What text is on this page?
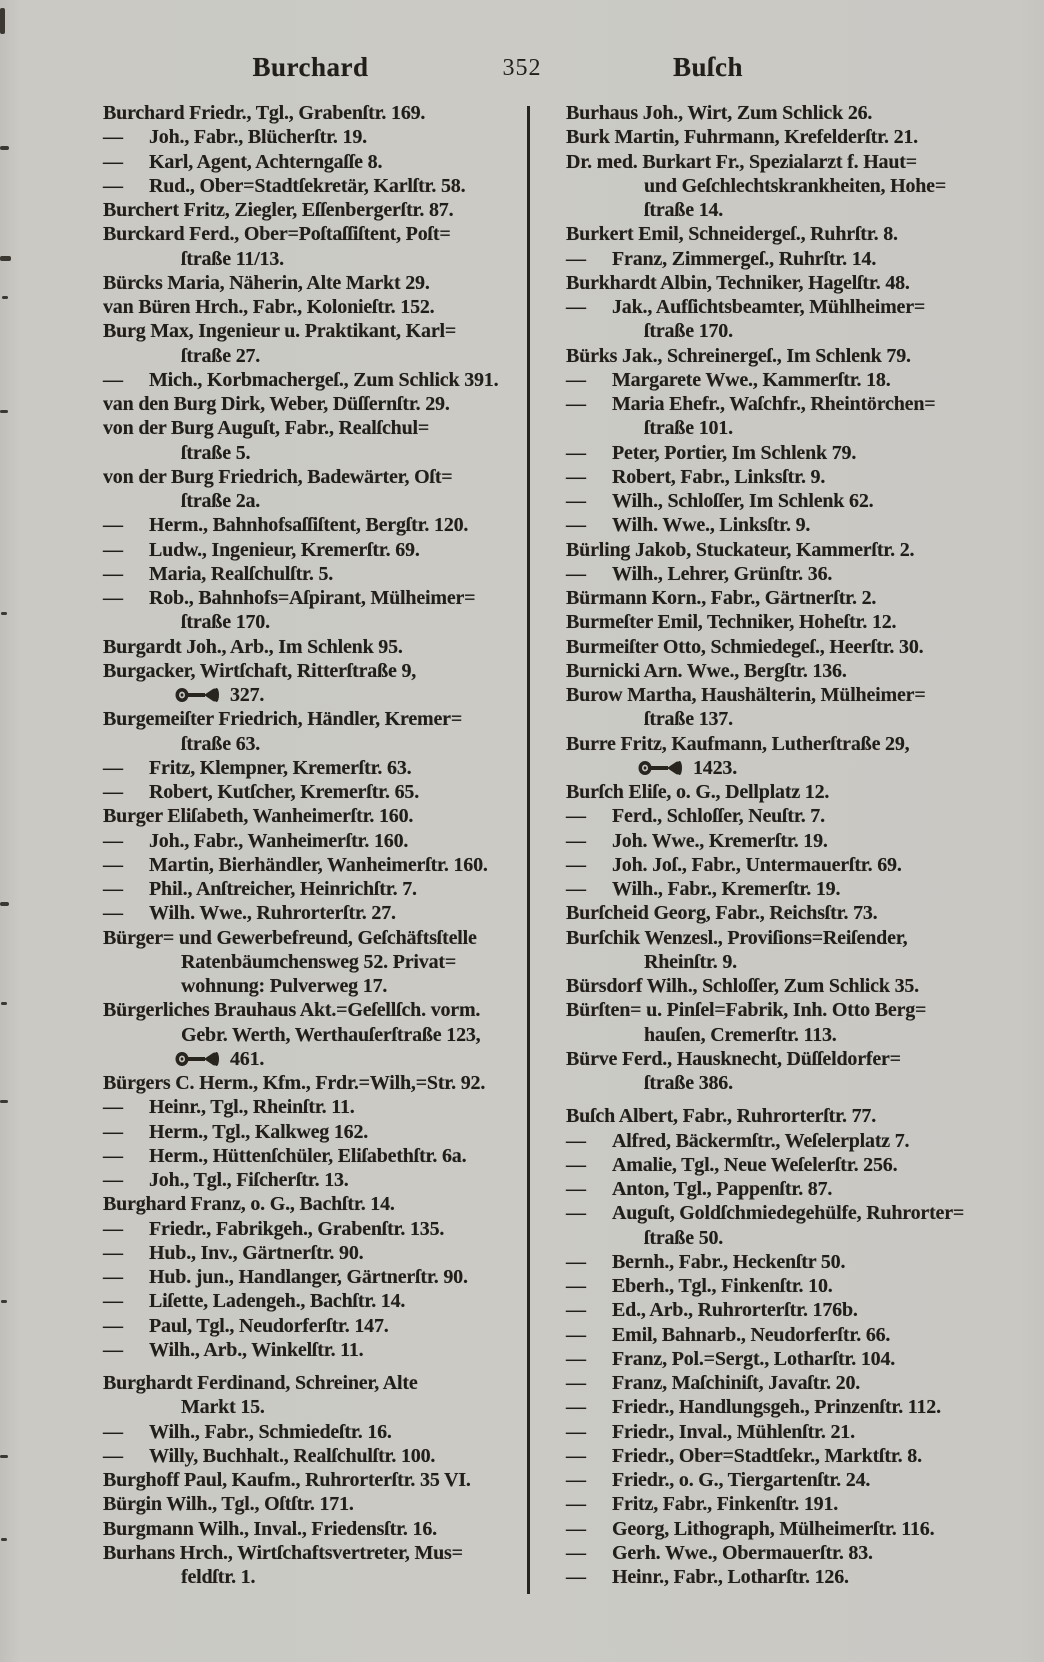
Burchard	352	Buſch
Burchard Friedr., Tgl., Grabenſtr. 169.
— Joh., Fabr., Blücherſtr. 19.
— Karl, Agent, Achterngaſſe 8.
— Rud., Ober=Stadtſekretär, Karlſtr. 58.
Burchert Fritz, Ziegler, Eſſenbergerſtr. 87.
Burckard Ferd., Ober=Poſtaſſiſtent, Poſt=
ſtraße 11/13.
Bürcks Maria, Näherin, Alte Markt 29.
van Büren Hrch., Fabr., Kolonieſtr. 152.
Burg Max, Ingenieur u. Praktikant, Karl=
ſtraße 27.
— Mich., Korbmachergeſ., Zum Schlick 391.
van den Burg Dirk, Weber, Düſſernſtr. 29.
von der Burg Auguſt, Fabr., Realſchul=
ſtraße 5.
von der Burg Friedrich, Badewärter, Oſt=
ſtraße 2a.
— Herm., Bahnhofsaſſiſtent, Bergſtr. 120.
— Ludw., Ingenieur, Kremerſtr. 69.
— Maria, Realſchulſtr. 5.
— Rob., Bahnhofs=Aſpirant, Mülheimer=
ſtraße 170.
Burgardt Joh., Arb., Im Schlenk 95.
Burgacker, Wirtſchaft, Ritterſtraße 9,
327.
Burgemeiſter Friedrich, Händler, Kremer=
ſtraße 63.
— Fritz, Klempner, Kremerſtr. 63.
— Robert, Kutſcher, Kremerſtr. 65.
Burger Eliſabeth, Wanheimerſtr. 160.
— Joh., Fabr., Wanheimerſtr. 160.
— Martin, Bierhändler, Wanheimerſtr. 160.
— Phil., Anſtreicher, Heinrichſtr. 7.
— Wilh. Wwe., Ruhrorterſtr. 27.
Bürger= und Gewerbefreund, Geſchäftsſtelle
Ratenbäumchensweg 52. Privat=
wohnung: Pulverweg 17.
Bürgerliches Brauhaus Akt.=Geſellſch. vorm.
Gebr. Werth, Werthauſerſtraße 123,
461.
Bürgers C. Herm., Kfm., Frdr.=Wilh,=Str. 92.
— Heinr., Tgl., Rheinſtr. 11.
— Herm., Tgl., Kalkweg 162.
— Herm., Hüttenſchüler, Eliſabethſtr. 6a.
— Joh., Tgl., Fiſcherſtr. 13.
Burghard Franz, o. G., Bachſtr. 14.
— Friedr., Fabrikgeh., Grabenſtr. 135.
— Hub., Inv., Gärtnerſtr. 90.
— Hub. jun., Handlanger, Gärtnerſtr. 90.
— Liſette, Ladengeh., Bachſtr. 14.
— Paul, Tgl., Neudorferſtr. 147.
— Wilh., Arb., Winkelſtr. 11.
Burghardt Ferdinand, Schreiner, Alte
Markt 15.
— Wilh., Fabr., Schmiedeſtr. 16.
— Willy, Buchhalt., Realſchulſtr. 100.
Burghoff Paul, Kaufm., Ruhrorterſtr. 35 VI.
Bürgin Wilh., Tgl., Oſtſtr. 171.
Burgmann Wilh., Inval., Friedensſtr. 16.
Burhans Hrch., Wirtſchaftsvertreter, Mus=
feldſtr. 1.
Burhaus Joh., Wirt, Zum Schlick 26.
Burk Martin, Fuhrmann, Krefelderſtr. 21.
Dr. med. Burkart Fr., Spezialarzt f. Haut=
und Geſchlechtskrankheiten, Hohe=
ſtraße 14.
Burkert Emil, Schneidergeſ., Ruhrſtr. 8.
— Franz, Zimmergeſ., Ruhrſtr. 14.
Burkhardt Albin, Techniker, Hagelſtr. 48.
— Jak., Aufſichtsbeamter, Mühlheimer=
ſtraße 170.
Bürks Jak., Schreinergeſ., Im Schlenk 79.
— Margarete Wwe., Kammerſtr. 18.
— Maria Ehefr., Waſchfr., Rheintörchen=
ſtraße 101.
— Peter, Portier, Im Schlenk 79.
— Robert, Fabr., Linksſtr. 9.
— Wilh., Schloſſer, Im Schlenk 62.
— Wilh. Wwe., Linksſtr. 9.
Bürling Jakob, Stuckateur, Kammerſtr. 2.
— Wilh., Lehrer, Grünſtr. 36.
Bürmann Korn., Fabr., Gärtnerſtr. 2.
Burmeſter Emil, Techniker, Hoheſtr. 12.
Burmeiſter Otto, Schmiedegeſ., Heerſtr. 30.
Burnicki Arn. Wwe., Bergſtr. 136.
Burow Martha, Haushälterin, Mülheimer=
ſtraße 137.
Burre Fritz, Kaufmann, Lutherſtraße 29,
1423.
Burſch Eliſe, o. G., Dellplatz 12.
— Ferd., Schloſſer, Neuſtr. 7.
— Joh. Wwe., Kremerſtr. 19.
— Joh. Joſ., Fabr., Untermauerſtr. 69.
— Wilh., Fabr., Kremerſtr. 19.
Burſcheid Georg, Fabr., Reichsſtr. 73.
Burſchik Wenzesl., Proviſions=Reiſender,
Rheinſtr. 9.
Bürsdorf Wilh., Schloſſer, Zum Schlick 35.
Bürſten= u. Pinſel=Fabrik, Inh. Otto Berg=
hauſen, Cremerſtr. 113.
Bürve Ferd., Hausknecht, Düſſeldorfer=
ſtraße 386.
Buſch Albert, Fabr., Ruhrorterſtr. 77.
— Alfred, Bäckermſtr., Weſelerplatz 7.
— Amalie, Tgl., Neue Weſelerſtr. 256.
— Anton, Tgl., Pappenſtr. 87.
— Auguſt, Goldſchmiedegehülfe, Ruhrorter=
ſtraße 50.
— Bernh., Fabr., Heckenſtr 50.
— Eberh., Tgl., Finkenſtr. 10.
— Ed., Arb., Ruhrorterſtr. 176b.
— Emil, Bahnarb., Neudorferſtr. 66.
— Franz, Pol.=Sergt., Lotharſtr. 104.
— Franz, Maſchiniſt, Javaſtr. 20.
— Friedr., Handlungsgeh., Prinzenſtr. 112.
— Friedr., Inval., Mühlenſtr. 21.
— Friedr., Ober=Stadtſekr., Marktſtr. 8.
— Friedr., o. G., Tiergartenſtr. 24.
— Fritz, Fabr., Finkenſtr. 191.
— Georg, Lithograph, Mülheimerſtr. 116.
— Gerh. Wwe., Obermauerſtr. 83.
— Heinr., Fabr., Lotharſtr. 126.
